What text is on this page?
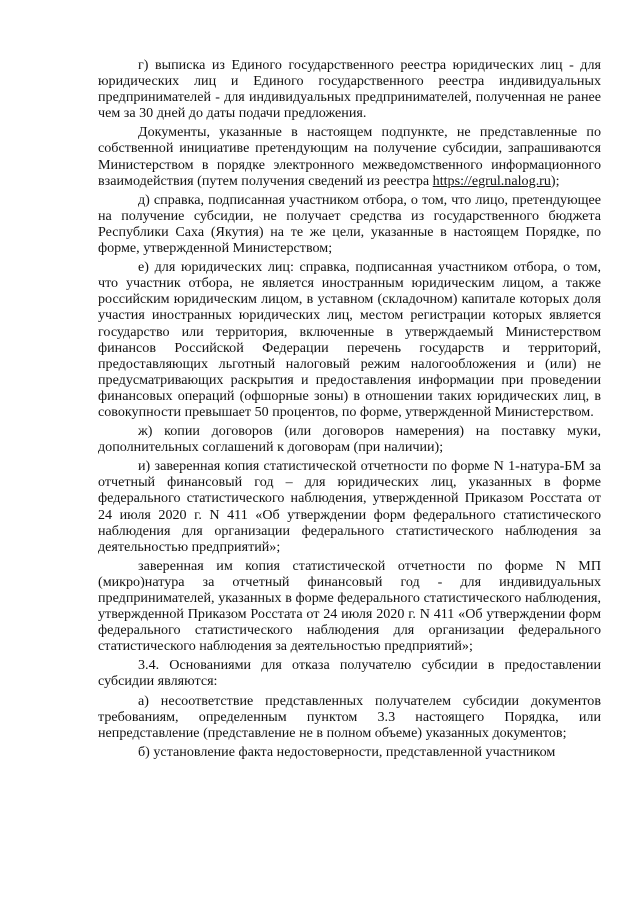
г) выписка из Единого государственного реестра юридических лиц - для юридических лиц и Единого государственного реестра индивидуальных предпринимателей - для индивидуальных предпринимателей, полученная не ранее чем за 30 дней до даты подачи предложения.

Документы, указанные в настоящем подпункте, не представленные по собственной инициативе претендующим на получение субсидии, запрашиваются Министерством в порядке электронного межведомственного информационного взаимодействия (путем получения сведений из реестра https://egrul.nalog.ru);

д) справка, подписанная участником отбора, о том, что лицо, претендующее на получение субсидии, не получает средства из государственного бюджета Республики Саха (Якутия) на те же цели, указанные в настоящем Порядке, по форме, утвержденной Министерством;

е) для юридических лиц: справка, подписанная участником отбора, о том, что участник отбора, не является иностранным юридическим лицом, а также российским юридическим лицом, в уставном (складочном) капитале которых доля участия иностранных юридических лиц, местом регистрации которых является государство или территория, включенные в утверждаемый Министерством финансов Российской Федерации перечень государств и территорий, предоставляющих льготный налоговый режим налогообложения и (или) не предусматривающих раскрытия и предоставления информации при проведении финансовых операций (офшорные зоны) в отношении таких юридических лиц, в совокупности превышает 50 процентов, по форме, утвержденной Министерством.

ж) копии договоров (или договоров намерения) на поставку муки, дополнительных соглашений к договорам (при наличии);

и) заверенная копия статистической отчетности по форме N 1-натура-БМ за отчетный финансовый год – для юридических лиц, указанных в форме федерального статистического наблюдения, утвержденной Приказом Росстата от 24 июля 2020 г. N 411 «Об утверждении форм федерального статистического наблюдения для организации федерального статистического наблюдения за деятельностью предприятий»;

заверенная им копия статистической отчетности по форме N МП (микро)натура за отчетный финансовый год - для индивидуальных предпринимателей, указанных в форме федерального статистического наблюдения, утвержденной Приказом Росстата от 24 июля 2020 г. N 411 «Об утверждении форм федерального статистического наблюдения для организации федерального статистического наблюдения за деятельностью предприятий»;

3.4. Основаниями для отказа получателю субсидии в предоставлении субсидии являются:

а) несоответствие представленных получателем субсидии документов требованиям, определенным пунктом 3.3 настоящего Порядка, или непредставление (представление не в полном объеме) указанных документов;

б) установление факта недостоверности, представленной участником
